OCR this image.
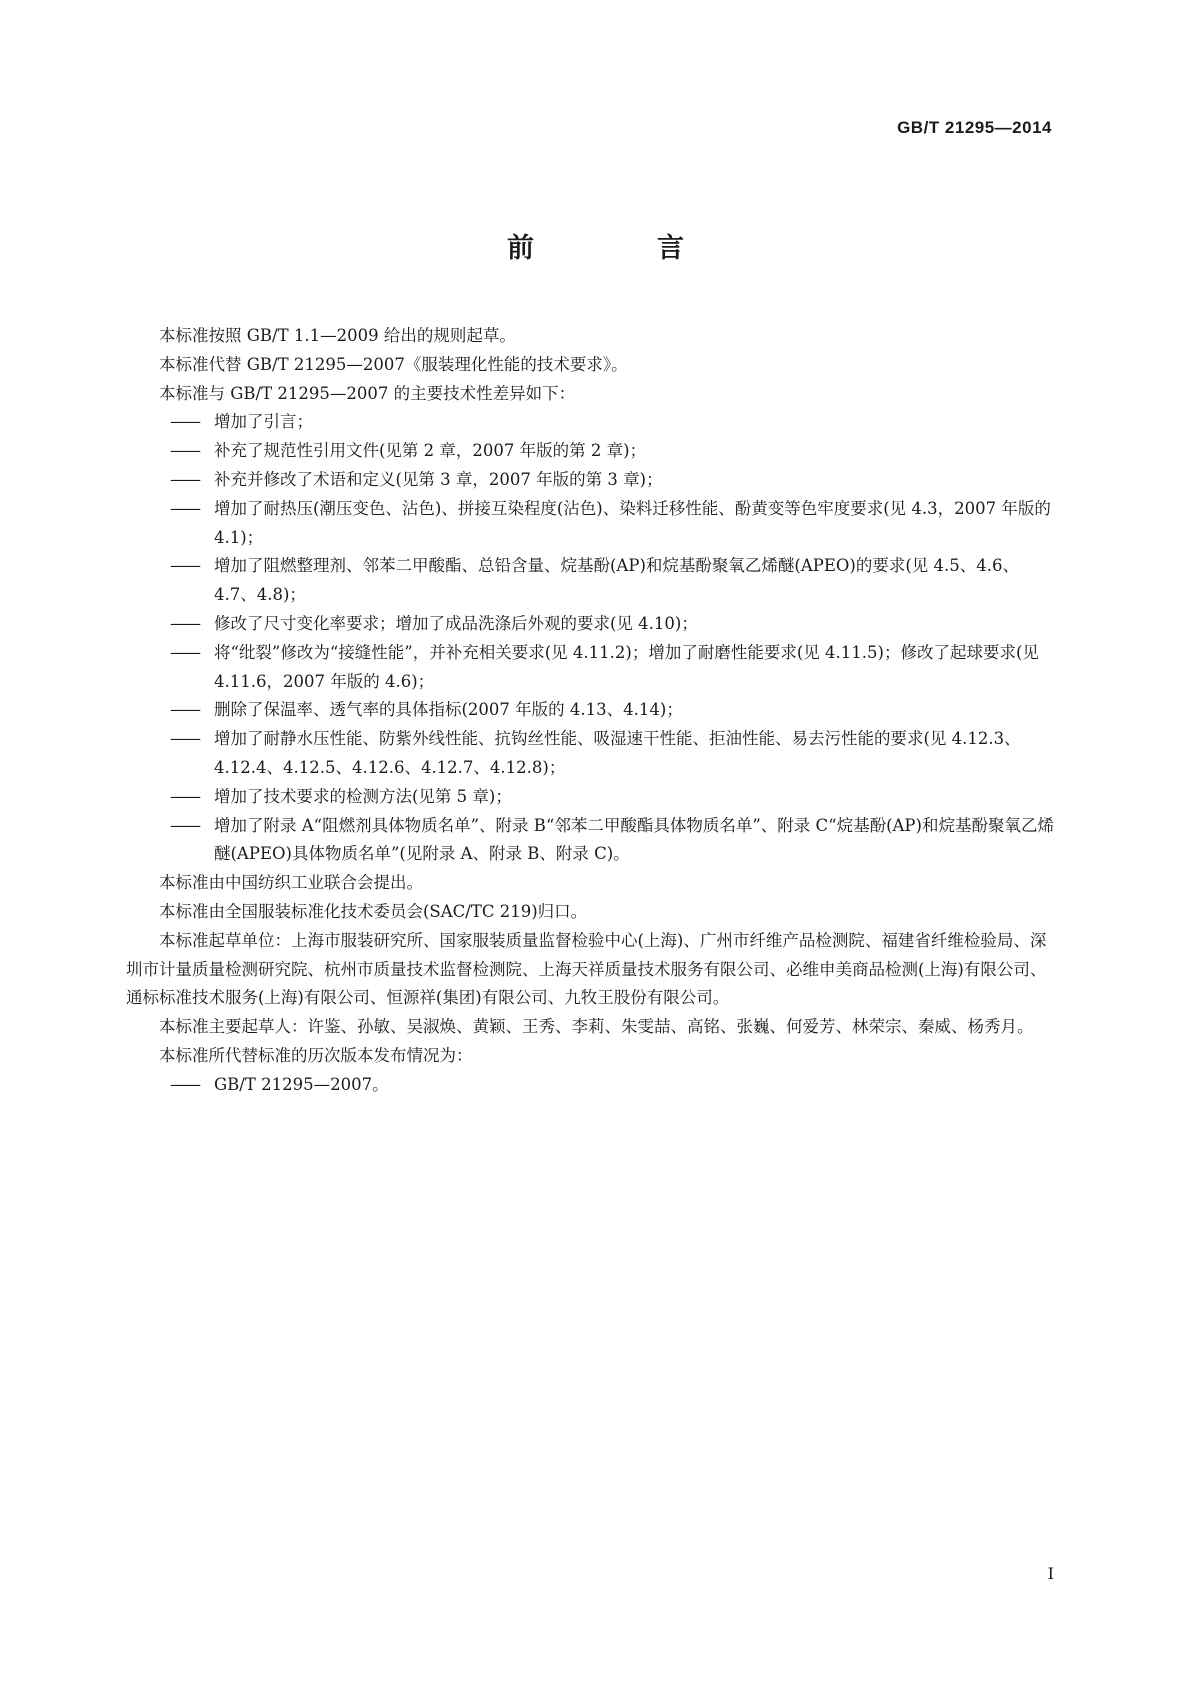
GB/T 21295—2014
前　言

本标准按照 GB/T 1.1—2009 给出的规则起草。

本标准代替 GB/T 21295—2007《服装理化性能的技术要求》。

本标准与 GB/T 21295—2007 的主要技术性差异如下：

—— 增加了引言；

—— 补充了规范性引用文件(见第 2 章，2007 年版的第 2 章)；

—— 补充并修改了术语和定义(见第 3 章，2007 年版的第 3 章)；

—— 增加了耐热压(潮压变色、沾色)、拼接互染程度(沾色)、染料迁移性能、酚黄变等色牢度要求(见 4.3，2007 年版的 4.1)；

—— 增加了阻燃整理剂、邻苯二甲酸酯、总铅含量、烷基酚(AP)和烷基酚聚氧乙烯醚(APEO)的要求(见 4.5、4.6、4.7、4.8)；

—— 修改了尺寸变化率要求；增加了成品洗涤后外观的要求(见 4.10)；

—— 将“纰裂”修改为“接缝性能”，并补充相关要求(见 4.11.2)；增加了耐磨性能要求(见 4.11.5)；修改了起球要求(见 4.11.6，2007 年版的 4.6)；

—— 删除了保温率、透气率的具体指标(2007 年版的 4.13、4.14)；

—— 增加了耐静水压性能、防紫外线性能、抗钩丝性能、吸湿速干性能、拒油性能、易去污性能的要求(见 4.12.3、4.12.4、4.12.5、4.12.6、4.12.7、4.12.8)；

—— 增加了技术要求的检测方法(见第 5 章)；

—— 增加了附录 A“阻燃剂具体物质名单”、附录 B“邻苯二甲酸酯具体物质名单”、附录 C“烷基酚(AP)和烷基酚聚氧乙烯醚(APEO)具体物质名单”(见附录 A、附录 B、附录 C)。

本标准由中国纺织工业联合会提出。

本标准由全国服装标准化技术委员会(SAC/TC 219)归口。

本标准起草单位：上海市服装研究所、国家服装质量监督检验中心(上海)、广州市纤维产品检测院、福建省纤维检验局、深圳市计量质量检测研究院、杭州市质量技术监督检测院、上海天祥质量技术服务有限公司、必维申美商品检测(上海)有限公司、通标标准技术服务(上海)有限公司、恒源祥(集团)有限公司、九牧王股份有限公司。

本标准主要起草人：许鉴、孙敏、吴淑焕、黄颖、王秀、李莉、朱雯喆、高铭、张巍、何爱芳、林荣宗、秦威、杨秀月。

本标准所代替标准的历次版本发布情况为：

—— GB/T 21295—2007。

I
